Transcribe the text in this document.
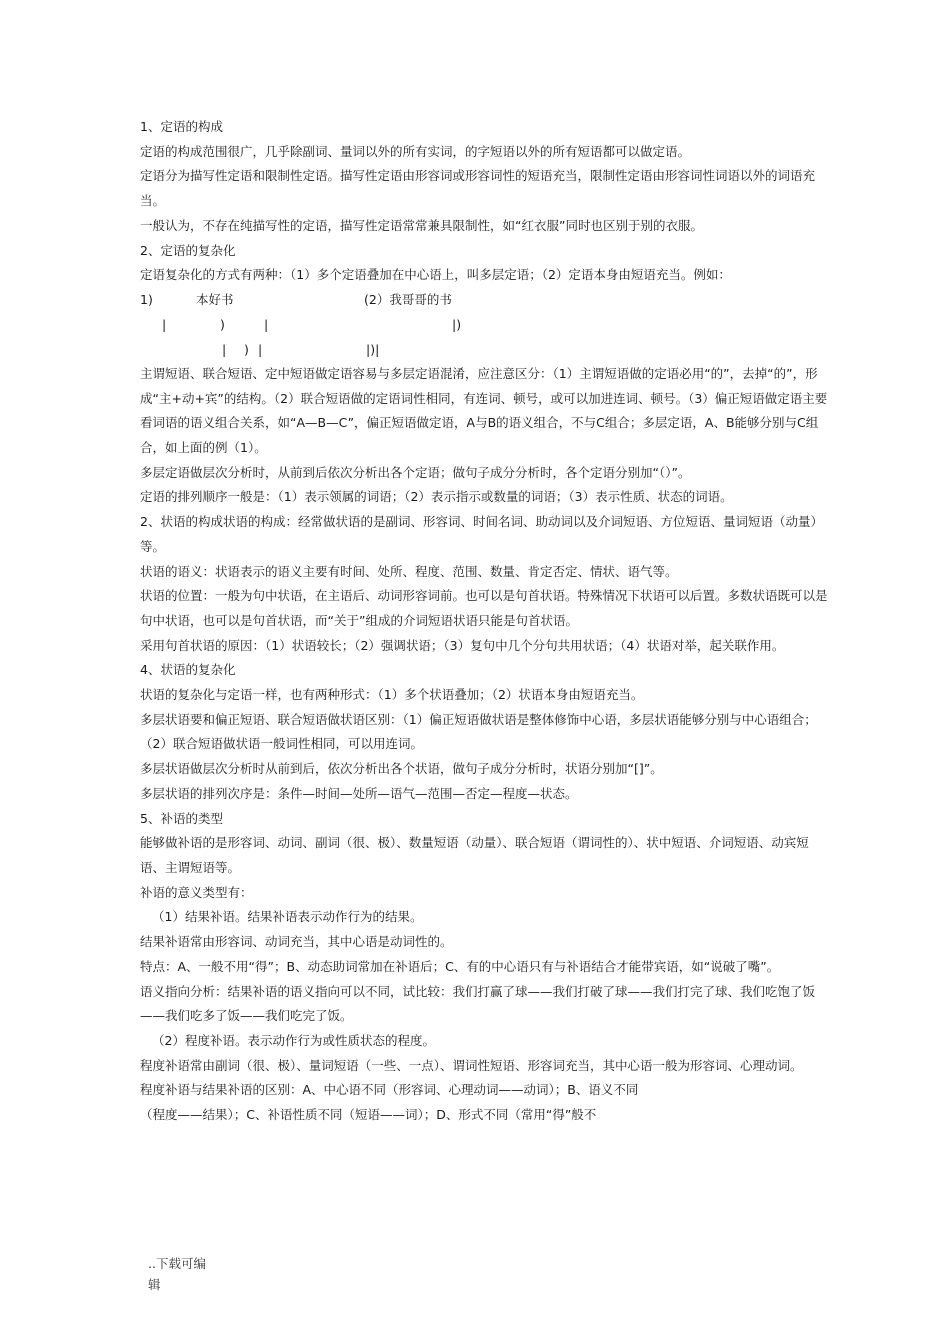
1、定语的构成

定语的构成范围很广，几乎除副词、量词以外的所有实词，的字短语以外的所有短语都可以做定语。

定语分为描写性定语和限制性定语。描写性定语由形容词或形容词性的短语充当，限制性定语由形容词性词语以外的词语充当。

一般认为，不存在纯描写性的定语，描写性定语常常兼具限制性，如“红衣服”同时也区别于别的衣服。

2、定语的复杂化

定语复杂化的方式有两种：（1）多个定语叠加在中心语上，叫多层定语；（2）定语本身由短语充当。例如：

1)	本好书	(2）我哥哥的书
|	)	|	|)
| ) |	|)|

主谓短语、联合短语、定中短语做定语容易与多层定语混淆，应注意区分：（1）主谓短语做的定语必用“的”，去掉“的”，形成“主+动+宾”的结构。（2）联合短语做的定语词性相同，有连词、顿号，或可以加进连词、顿号。（3）偏正短语做定语主要看词语的语义组合关系，如“A—B—C”，偏正短语做定语，A与B的语义组合，不与C组合；多层定语，A、B能够分别与C组合，如上面的例（1）。

多层定语做层次分析时，从前到后依次分析出各个定语；做句子成分分析时，各个定语分别加“（）”。

定语的排列顺序一般是：（1）表示领属的词语；（2）表示指示或数量的词语；（3）表示性质、状态的词语。

2、状语的构成状语的构成：经常做状语的是副词、形容词、时间名词、助动词以及介词短语、方位短语、量词短语（动量）等。

状语的语义：状语表示的语义主要有时间、处所、程度、范围、数量、肯定否定、情状、语气等。

状语的位置：一般为句中状语，在主语后、动词形容词前。也可以是句首状语。特殊情况下状语可以后置。多数状语既可以是句中状语，也可以是句首状语，而“关于”组成的介词短语状语只能是句首状语。

采用句首状语的原因：（1）状语较长；（2）强调状语；（3）复句中几个分句共用状语；（4）状语对举，起关联作用。

4、状语的复杂化

状语的复杂化与定语一样，也有两种形式：（1）多个状语叠加；（2）状语本身由短语充当。

多层状语要和偏正短语、联合短语做状语区别：（1）偏正短语做状语是整体修饰中心语，多层状语能够分别与中心语组合；（2）联合短语做状语一般词性相同，可以用连词。

多层状语做层次分析时从前到后，依次分析出各个状语，做句子成分分析时，状语分别加“[]”。

多层状语的排列次序是：条件—时间—处所—语气—范围—否定—程度—状态。

5、补语的类型

能够做补语的是形容词、动词、副词（很、极）、数量短语（动量）、联合短语（谓词性的）、状中短语、介词短语、动宾短语、主谓短语等。

补语的意义类型有：

（1）结果补语。结果补语表示动作行为的结果。

结果补语常由形容词、动词充当，其中心语是动词性的。

特点：A、一般不用“得”；B、动态助词常加在补语后；C、有的中心语只有与补语结合才能带宾语，如“说破了嘴”。

语义指向分析：结果补语的语义指向可以不同，试比较：我们打赢了球——我们打破了球——我们打完了球、我们吃饱了饭——我们吃多了饭——我们吃完了饭。

（2）程度补语。表示动作行为或性质状态的程度。

程度补语常由副词（很、极）、量词短语（一些、一点）、谓词性短语、形容词充当，其中心语一般为形容词、心理动词。

程度补语与结果补语的区别：A、中心语不同（形容词、心理动词——动词）；B、语义不同

（程度——结果）；C、补语性质不同（短语——词）；D、形式不同（常用“得”般不

..下载可编
辑
